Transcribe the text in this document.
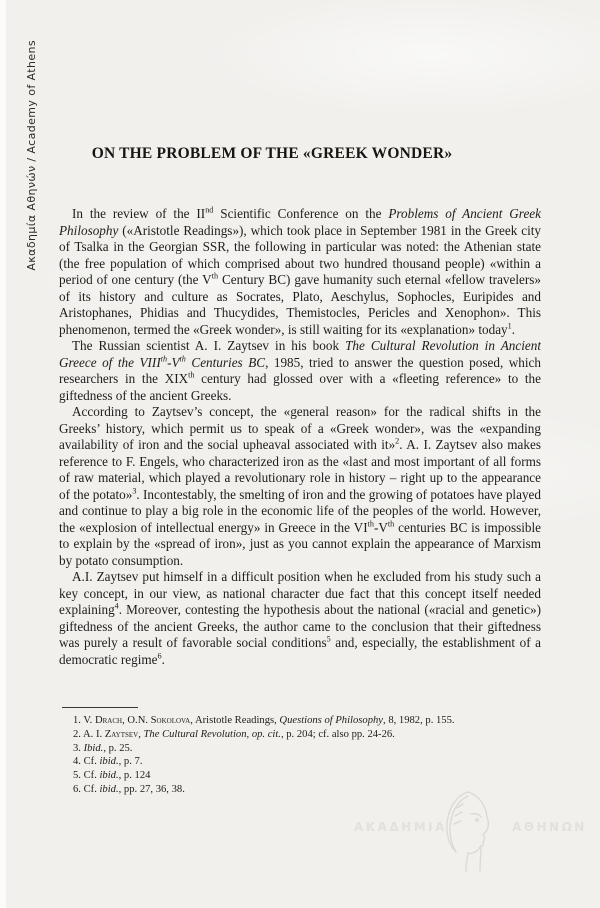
Ακαδημία Αθηνών / Academy of Athens	ON THE PROBLEM OF THE «GREEK WONDER»

In the review of the IInd Scientific Conference on the Problems of Ancient Greek Philosophy («Aristotle Readings»), which took place in September 1981 in the Greek city of Tsalka in the Georgian SSR, the following in particular was noted: the Athenian state (the free population of which comprised about two hundred thousand people) «within a period of one century (the Vth Century BC) gave humanity such eternal «fellow travelers» of its history and culture as Socrates, Plato, Aeschylus, Sophocles, Euripides and Aristophanes, Phidias and Thucydides, Themistocles, Pericles and Xenophon». This phenomenon, termed the «Greek wonder», is still waiting for its «explanation» today$^1$.

The Russian scientist A. I. Zaytsev in his book The Cultural Revolution in Ancient Greece of the VIIIth-Vth Centuries BC, 1985, tried to answer the question posed, which researchers in the XIXth century had glossed over with a «fleeting reference» to the giftedness of the ancient Greeks.

According to Zaytsev’s concept, the «general reason» for the radical shifts in the Greeks’ history, which permit us to speak of a «Greek wonder», was the «expanding availability of iron and the social upheaval associated with it»$^2$. A. I. Zaytsev also makes reference to F. Engels, who characterized iron as the «last and most important of all forms of raw material, which played a revolutionary role in history – right up to the appearance of the potato»$^3$. Incontestably, the smelting of iron and the growing of potatoes have played and continue to play a big role in the economic life of the peoples of the world. However, the «explosion of intellectual energy» in Greece in the VIth-Vth centuries BC is impossible to explain by the «spread of iron», just as you cannot explain the appearance of Marxism by potato consumption.

A.I. Zaytsev put himself in a difficult position when he excluded from his study such a key concept, in our view, as national character due fact that this concept itself needed explaining$^4$. Moreover, contesting the hypothesis about the national («racial and genetic») giftedness of the ancient Greeks, the author came to the conclusion that their giftedness was purely a result of favorable social conditions$^5$ and, especially, the establishment of a democratic regime$^6$.

1. V. Drach, O.N. Sokolova, Aristotle Readings, Questions of Philosophy, 8, 1982, p. 155.

2. A. I. Zaytsev, The Cultural Revolution, op. cit., p. 204; cf. also pp. 24-26.

3. Ibid., p. 25.

4. Cf. ibid., p. 7.

5. Cf. ibid., p. 124

6. Cf. ibid., pp. 27, 36, 38.

ΑΚΑΔΗΜΙΑ	ΑΘΗΝΩΝ
